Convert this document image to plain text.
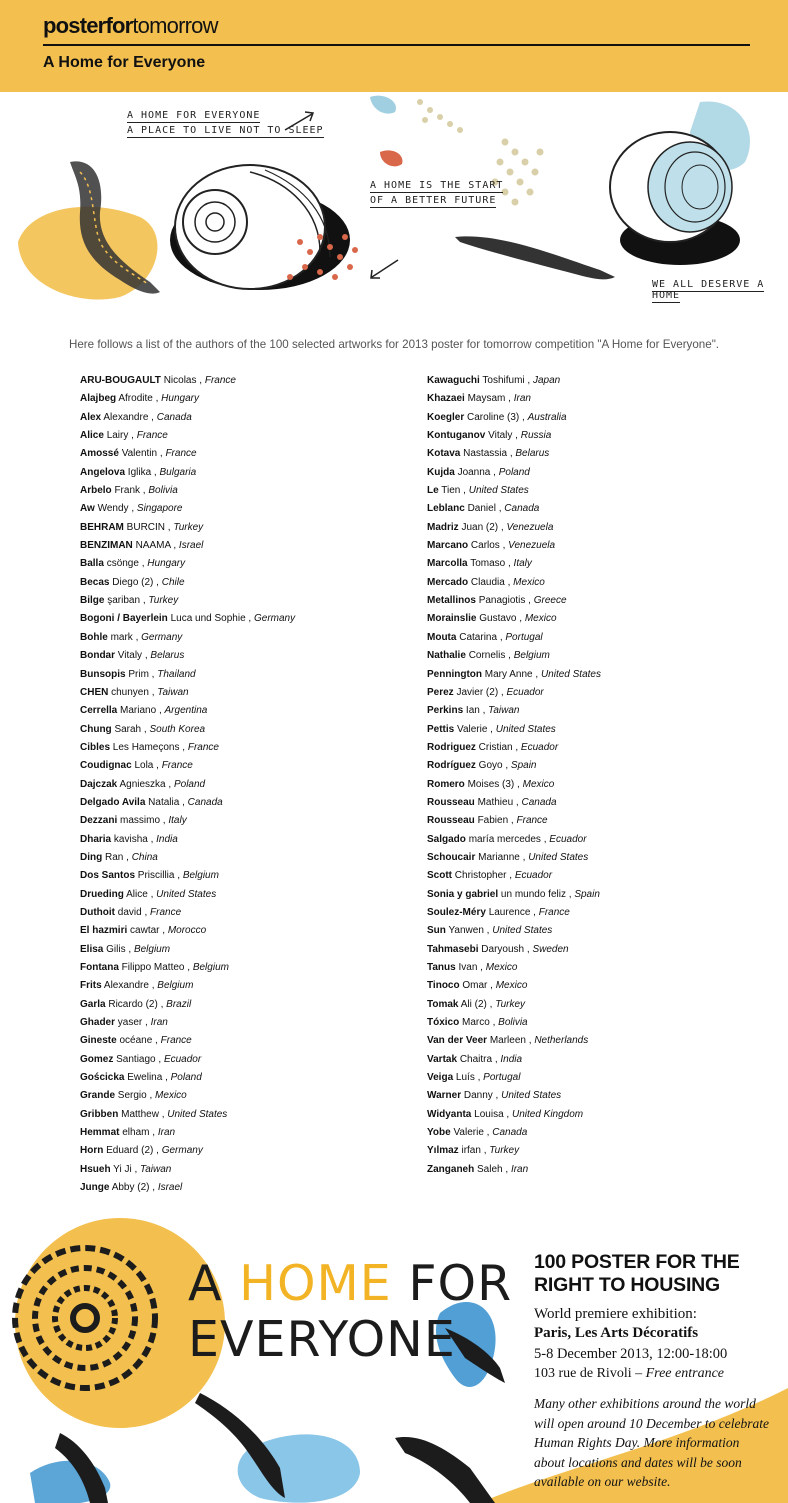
posterfortomorrow
A Home for Everyone
A HOME FOR EVERYONE
A PLACE TO LIVE NOT TO SLEEP
A HOME IS THE START
OF A BETTER FUTURE
WE ALL DESERVE A HOME
Here follows a list of the authors of the 100 selected artworks for 2013 poster for tomorrow competition "A Home for Everyone".
ARU-BOUGAULT Nicolas , France
Alajbeg Afrodite , Hungary
Alex Alexandre , Canada
Alice Lairy , France
Amossé Valentin , France
Angelova Iglika , Bulgaria
Arbelo Frank , Bolivia
Aw Wendy , Singapore
BEHRAM BURCIN , Turkey
BENZIMAN NAAMA , Israel
Balla csönge , Hungary
Becas Diego (2) , Chile
Bilge şariban , Turkey
Bogoni / Bayerlein Luca und Sophie , Germany
Bohle mark , Germany
Bondar Vitaly , Belarus
Bunsopis Prim , Thailand
CHEN chunyen , Taiwan
Cerrella Mariano , Argentina
Chung Sarah , South Korea
Cibles Les Hameçons , France
Coudignac Lola , France
Dajczak Agnieszka , Poland
Delgado Avila Natalia , Canada
Dezzani massimo , Italy
Dharia kavisha , India
Ding Ran , China
Dos Santos Priscillia , Belgium
Drueding Alice , United States
Duthoit david , France
El hazmiri cawtar , Morocco
Elisa Gilis , Belgium
Fontana Filippo Matteo , Belgium
Frits Alexandre , Belgium
Garla Ricardo (2) , Brazil
Ghader yaser , Iran
Gineste océane , France
Gomez Santiago , Ecuador
Gościcka Ewelina , Poland
Grande Sergio , Mexico
Gribben Matthew , United States
Hemmat elham , Iran
Horn Eduard (2) , Germany
Hsueh Yi Ji , Taiwan
Junge Abby (2) , Israel
Kawaguchi Toshifumi , Japan
Khazaei Maysam , Iran
Koegler Caroline (3) , Australia
Kontuganov Vitaly , Russia
Kotava Nastassia , Belarus
Kujda Joanna , Poland
Le Tien , United States
Leblanc Daniel , Canada
Madriz Juan (2) , Venezuela
Marcano Carlos , Venezuela
Marcolla Tomaso , Italy
Mercado Claudia , Mexico
Metallinos Panagiotis , Greece
Morainslie Gustavo , Mexico
Mouta Catarina , Portugal
Nathalie Cornelis , Belgium
Pennington Mary Anne , United States
Perez Javier (2) , Ecuador
Perkins Ian , Taiwan
Pettis Valerie , United States
Rodriguez Cristian , Ecuador
Rodríguez Goyo , Spain
Romero Moises (3) , Mexico
Rousseau Mathieu , Canada
Rousseau Fabien , France
Salgado maría mercedes , Ecuador
Schoucair Marianne , United States
Scott Christopher , Ecuador
Sonia y gabriel un mundo feliz , Spain
Soulez-Méry Laurence , France
Sun Yanwen , United States
Tahmasebi Daryoush , Sweden
Tanus Ivan , Mexico
Tinoco Omar , Mexico
Tomak Ali (2) , Turkey
Tóxico Marco , Bolivia
Van der Veer Marleen , Netherlands
Vartak Chaitra , India
Veiga Luís , Portugal
Warner Danny , United States
Widyanta Louisa , United Kingdom
Yobe Valerie , Canada
Yılmaz irfan , Turkey
Zanganeh Saleh , Iran
A HOME FOR
EVERYONE
100 POSTER FOR THE
RIGHT TO HOUSING
World premiere exhibition:
Paris, Les Arts Décoratifs
5-8 December 2013, 12:00-18:00
103 rue de Rivoli – Free entrance
Many other exhibitions around the world
will open around 10 December to celebrate
Human Rights Day. More information
about locations and dates will be soon
available on our website.
